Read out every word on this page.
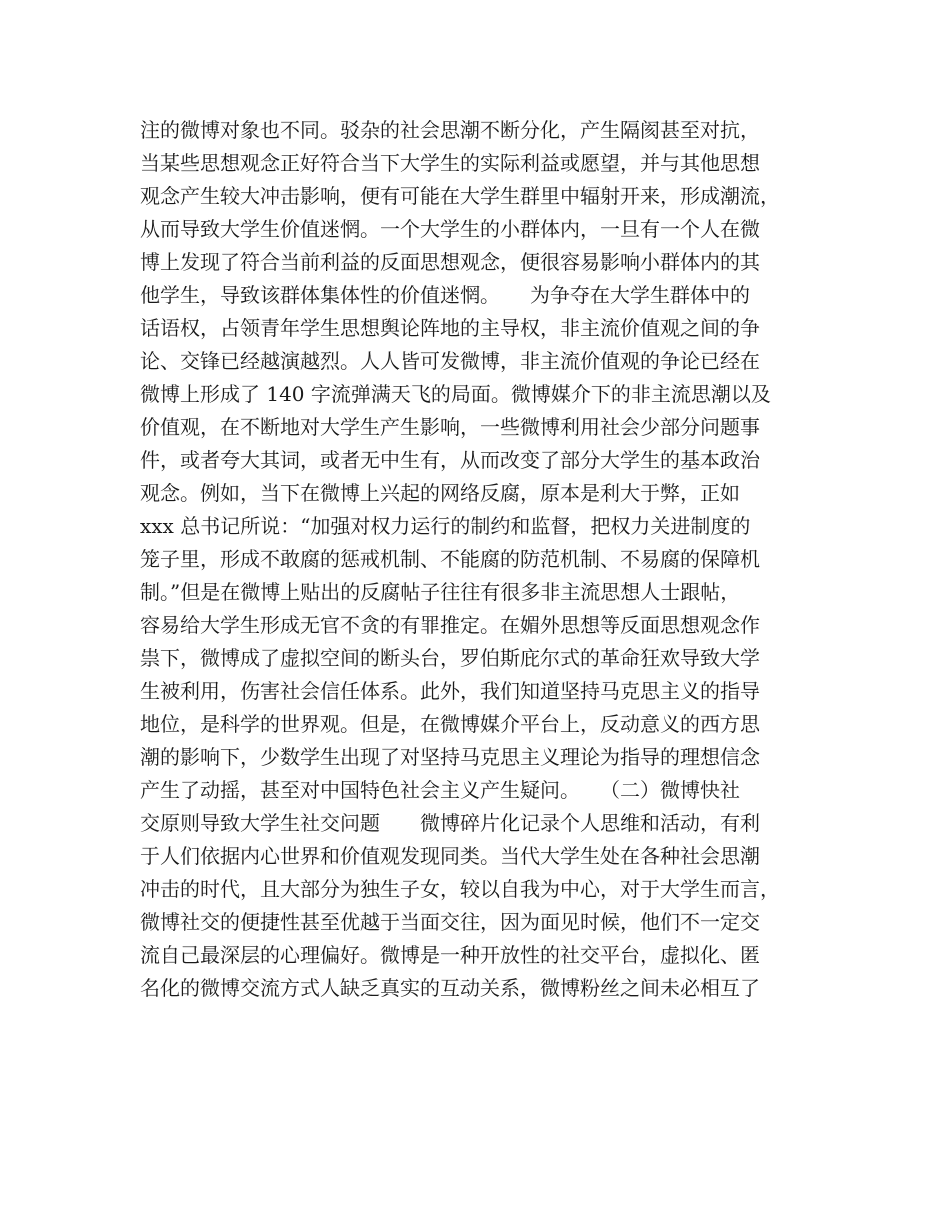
注的微博对象也不同。驳杂的社会思潮不断分化，产生隔阂甚至对抗，
当某些思想观念正好符合当下大学生的实际利益或愿望，并与其他思想
观念产生较大冲击影响，便有可能在大学生群里中辐射开来，形成潮流，
从而导致大学生价值迷惘。一个大学生的小群体内，一旦有一个人在微
博上发现了符合当前利益的反面思想观念，便很容易影响小群体内的其
他学生，导致该群体集体性的价值迷惘。　　为争夺在大学生群体中的
话语权，占领青年学生思想舆论阵地的主导权，非主流价值观之间的争
论、交锋已经越演越烈。人人皆可发微博，非主流价值观的争论已经在
微博上形成了 140 字流弹满天飞的局面。微博媒介下的非主流思潮以及
价值观，在不断地对大学生产生影响，一些微博利用社会少部分问题事
件，或者夸大其词，或者无中生有，从而改变了部分大学生的基本政治
观念。例如，当下在微博上兴起的网络反腐，原本是利大于弊，正如
xxx 总书记所说：“加强对权力运行的制约和监督，把权力关进制度的
笼子里，形成不敢腐的惩戒机制、不能腐的防范机制、不易腐的保障机
制。”但是在微博上贴出的反腐帖子往往有很多非主流思想人士跟帖，
容易给大学生形成无官不贪的有罪推定。在媚外思想等反面思想观念作
祟下，微博成了虚拟空间的断头台，罗伯斯庇尔式的革命狂欢导致大学
生被利用，伤害社会信任体系。此外，我们知道坚持马克思主义的指导
地位，是科学的世界观。但是，在微博媒介平台上，反动意义的西方思
潮的影响下，少数学生出现了对坚持马克思主义理论为指导的理想信念
产生了动摇，甚至对中国特色社会主义产生疑问。　　（二）微博快社
交原则导致大学生社交问题　　微博碎片化记录个人思维和活动，有利
于人们依据内心世界和价值观发现同类。当代大学生处在各种社会思潮
冲击的时代，且大部分为独生子女，较以自我为中心，对于大学生而言，
微博社交的便捷性甚至优越于当面交往，因为面见时候，他们不一定交
流自己最深层的心理偏好。微博是一种开放性的社交平台，虚拟化、匿
名化的微博交流方式人缺乏真实的互动关系，微博粉丝之间未必相互了
